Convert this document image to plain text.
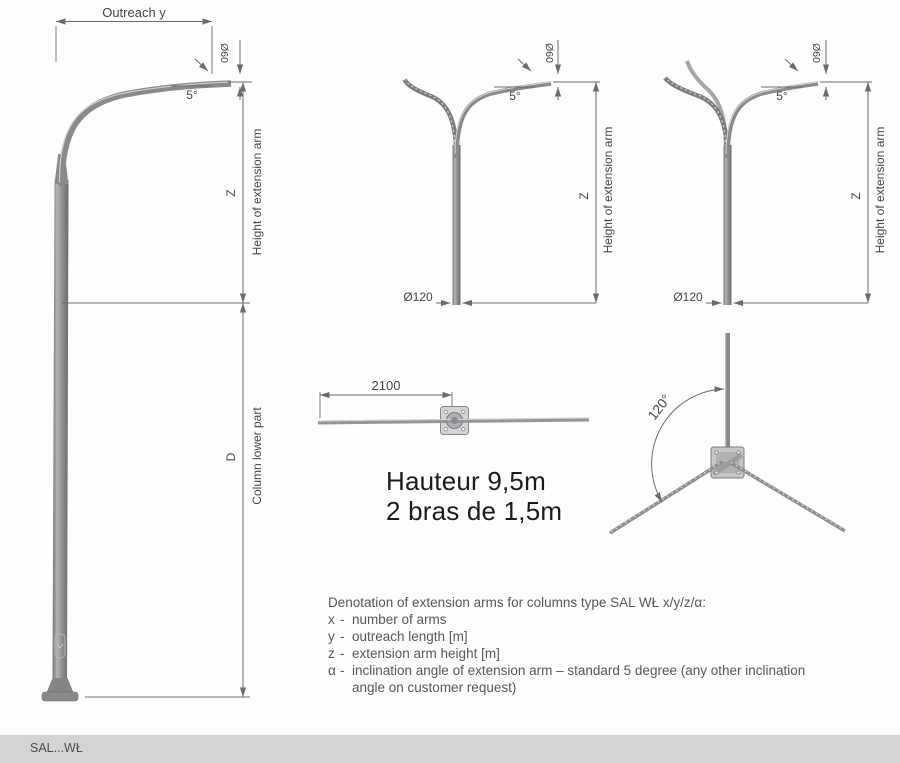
Outreach y
Ø60
5°
Z Height of extension arm
D Column lower part
Ø60
5°
Z Height of extension arm
Ø120
Ø60
5°
Z Height of extension arm
Ø120
2100
120°
Hauteur 9,5m
2 bras de 1,5m
Denotation of extension arms for columns type SAL WŁ x/y/z/α:
x - number of arms
y - outreach length [m]
z - extension arm height [m]
α - inclination angle of extension arm – standard 5 degree (any other inclination
angle on customer request)
SAL...WŁ
